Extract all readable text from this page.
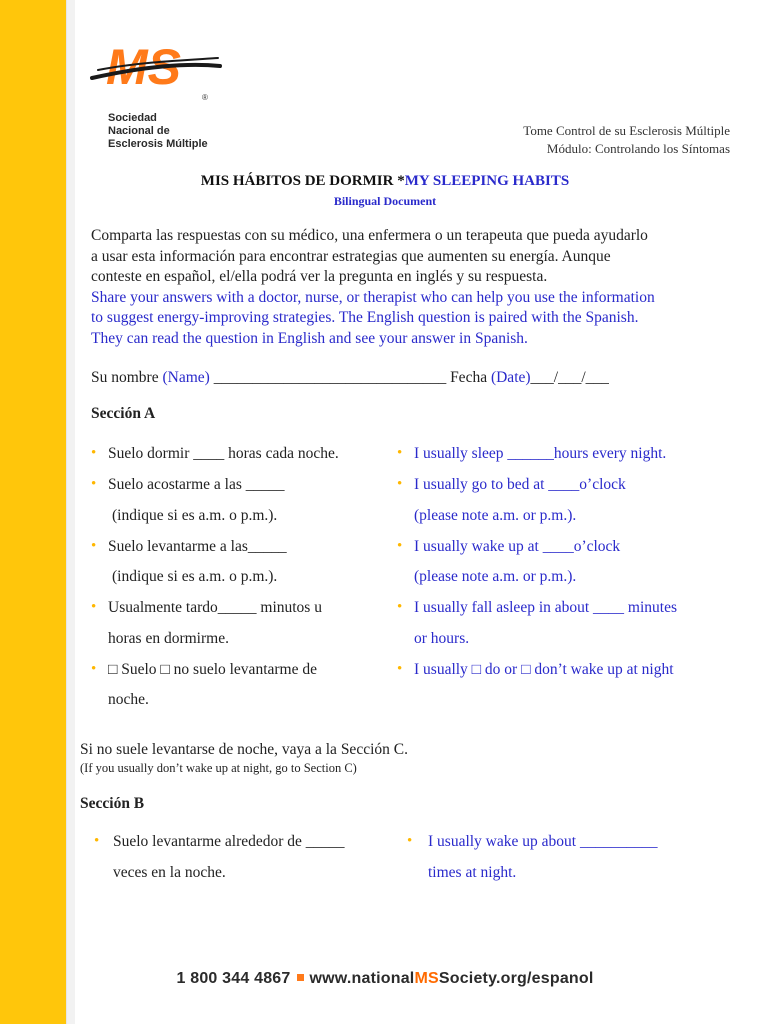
MS
®
Sociedad
Nacional de
Esclerosis Múltiple
Tome Control de su Esclerosis Múltiple
Módulo: Controlando los Síntomas
MIS HÁBITOS DE DORMIR *MY SLEEPING HABITS
Bilingual Document
Comparta las respuestas con su médico, una enfermera o un terapeuta que pueda ayudarlo
a usar esta información para encontrar estrategias que aumenten su energía. Aunque
conteste en español, el/ella podrá ver la pregunta en inglés y su respuesta.
Share your answers with a doctor, nurse, or therapist who can help you use the information
to suggest energy-improving strategies. The English question is paired with the Spanish.
They can read the question in English and see your answer in Spanish.
Su nombre (Name) ______________________________ Fecha (Date)___/___/___
Sección A
• Suelo dormir ____ horas cada noche.
• Suelo acostarme a las _____
(indique si es a.m. o p.m.).
• Suelo levantarme a las_____
(indique si es a.m. o p.m.).
• Usualmente tardo_____ minutos u
horas en dormirme.
• □ Suelo □ no suelo levantarme de
noche.
• I usually sleep ______hours every night.
• I usually go to bed at ____o’clock
(please note a.m. or p.m.).
• I usually wake up at ____o’clock
(please note a.m. or p.m.).
• I usually fall asleep in about ____ minutes
or hours.
• I usually □ do or □ don’t wake up at night
Si no suele levantarse de noche, vaya a la Sección C.
(If you usually don’t wake up at night, go to Section C)
Sección B
• Suelo levantarme alrededor de _____
veces en la noche.
• I usually wake up about __________
times at night.
1 800 344 4867 www.nationalMSSociety.org/espanol
